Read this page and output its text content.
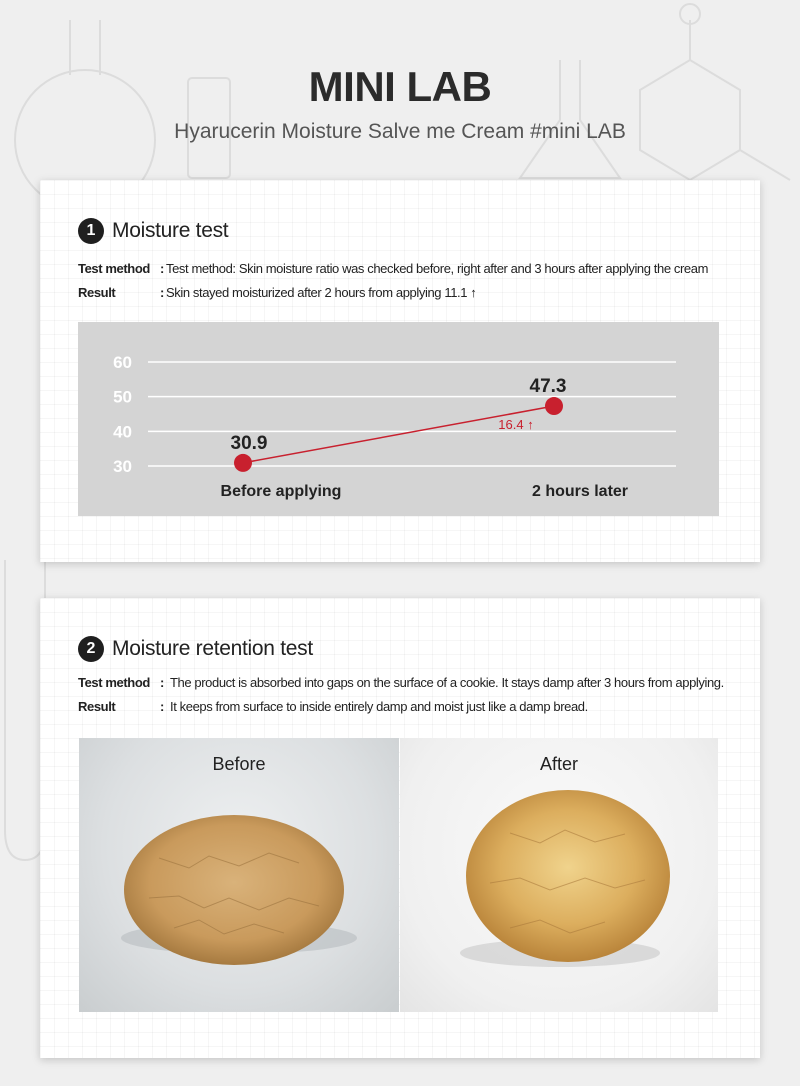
MINI LAB
Hyarucerin Moisture Salve me Cream #mini LAB
1 Moisture test
Test method : Test method: Skin moisture ratio was checked before, right after and 3 hours after applying the cream
Result	: Skin stayed moisturized after 2 hours from applying 11.1 ↑
60
50
40
30
30.9
47.3
16.4 ↑
Before applying	2 hours later
2 Moisture retention test
Test method : The product is absorbed into gaps on the surface of a cookie. It stays damp after 3 hours from applying.
Result	: It keeps from surface to inside entirely damp and moist just like a damp bread.
Before	After
